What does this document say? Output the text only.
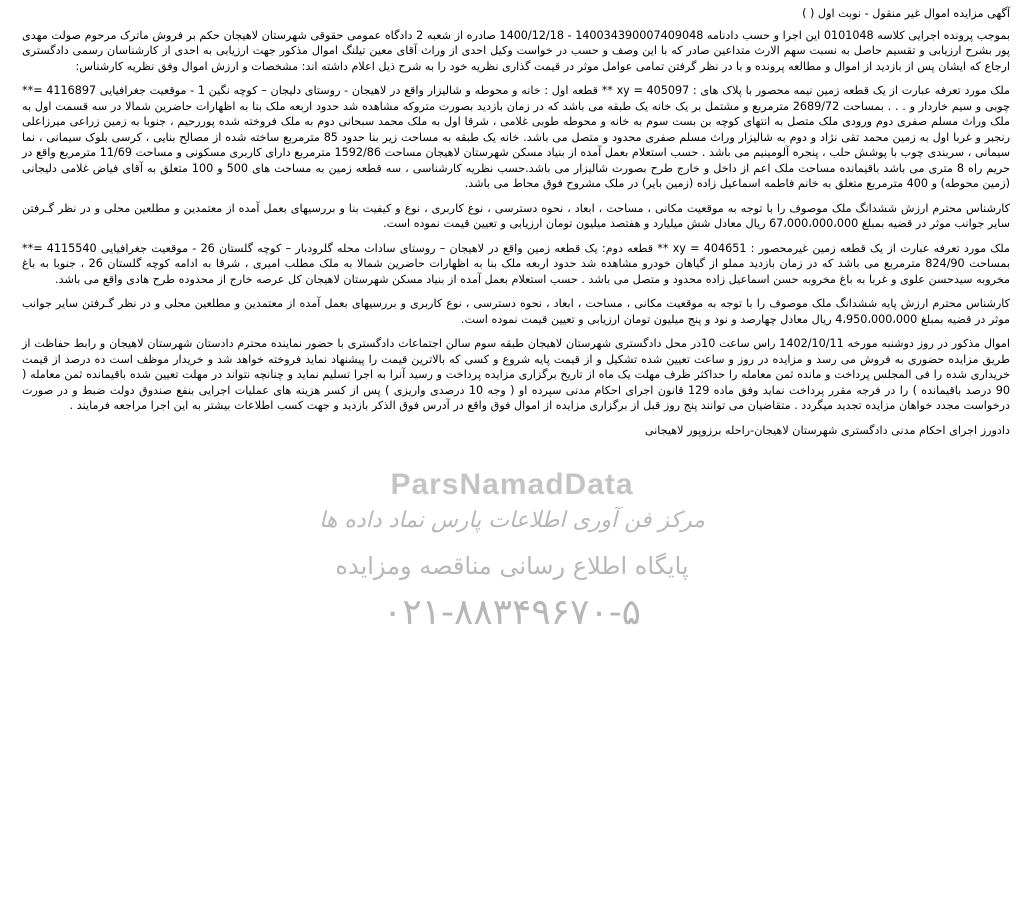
آگهی مزایده اموال غیر منقول - نوبت اول ( )

بموجب پرونده اجرایی کلاسه 0101048 این اجرا و حسب دادنامه 140034390007409048 - 1400/12/18 صادره از شعبه 2 دادگاه عمومی حقوقی شهرستان لاهیجان حکم بر فروش ماترک مرحوم صولت مهدی پور بشرح ارزیابی و تقسیم حاصل به نسبت سهم الارث متداعین صادر که با این وصف و حسب در خواست وکیل احدی از وراث آقای معین تیلنگ اموال مذکور جهت ارزیابی به احدی از کارشناسان رسمی دادگستری ارجاع که ایشان پس از بازدید از اموال و مطالعه پرونده و با در نظر گرفتن تمامی عوامل موثر در قیمت گذاری نظریه خود را به شرح ذیل اعلام داشته اند: مشخصات و ارزش اموال وفق نظریه کارشناس:

ملک مورد تعرفه عبارت از یک قطعه زمین نیمه محصور با پلاک های : xy = 405097 ** قطعه اول : خانه و محوطه و شالیزار واقع در لاهیجان - روستای دلیجان – کوچه نگین 1 - موقعیت جغرافیایی 4116897 =** چوبی و سیم خاردار و . . . بمساحت 2689/72 مترمربع و مشتمل بر یک خانه یک طبقه می باشد که در زمان بازدید بصورت متروکه مشاهده شد حدود اربعه ملک بنا به اظهارات حاضرین شمالا در سه قسمت اول به ملک وراث مسلم صفری دوم ورودی ملک متصل به انتهای کوچه بن بست سوم به خانه و محوطه طوبی غلامی ، شرقا اول به ملک محمد سبحانی دوم به ملک فروخته شده پوررحیم ، جنوبا به زمین زراعی میرزاعلی رنجبر و غربا اول به زمین محمد تقی نژاد و دوم به شالیزار وراث مسلم صفری محدود و متصل می باشد. خانه یک طبقه به مساحت زیر بنا حدود 85 مترمربع ساخته شده از مصالح بنایی ، کرسی بلوک سیمانی ، نما سیمانی ، سربندی چوب با پوشش حلب ، پنجره آلومینیم می باشد . حسب استعلام بعمل آمده از بنیاد مسکن شهرستان لاهیجان مساحت 1592/86 مترمربع دارای کاربری مسکونی و مساحت 11/69 مترمربع واقع در حریم راه 8 متری می باشد باقیمانده مساحت ملک اعم از داخل و خارج طرح بصورت شالیزار می باشد.حسب نظریه کارشناسی ، سه قطعه زمین به مساحت های 500 و 100 متعلق به آقای فیاض غلامی دلیجانی (زمین محوطه) و 400 مترمربع متعلق به خانم فاطمه اسماعیل زاده (زمین بایر) در ملک مشروح فوق محاط می باشد.

کارشناس محترم ارزش ششدانگ ملک موصوف را با توجه به موقعیت مکانی ، مساحت ، ابعاد ، نحوه دسترسی ، نوع کاربری ، نوع و کیفیت بنا و بررسیهای بعمل آمده از معتمدین و مطلعین محلی و در نظر گـرفتن سایر جوانب موثر در قضیه بمبلغ 67،000،000،000 ریال معادل شش میلیارد و هفتصد میلیون تومان ارزیابی و تعیین قیمت نموده است.

ملک مورد تعرفه عبارت از یک قطعه زمین غیرمحصور : xy = 404651 ** قطعه دوم: یک قطعه زمین واقع در لاهیجان – روستای سادات محله گلرودبار – کوچه گلستان 26 - موقعیت جغرافیایی 4115540 =** بمساحت 824/90 مترمربع می باشد که در زمان بازدید مملو از گیاهان خودرو مشاهده شد حدود اربعه ملک بنا به اظهارات حاضرین شمالا به ملک مطلب امیری ، شرقا به ادامه کوچه گلستان 26 ، جنوبا به باغ مخروبه سیدحسن علوی و غربا به باغ مخروبه حسن اسماعیل زاده محدود و متصل می باشد . حسب استعلام بعمل آمده از بنیاد مسکن شهرستان لاهیجان کل عرصه خارج از محدوده طرح هادی واقع می باشد.

کارشناس محترم ارزش پایه ششدانگ ملک موصوف را با توجه به موقعیت مکانی ، مساحت ، ابعاد ، نحوه دسترسی ، نوع کاربری و بررسیهای بعمل آمده از معتمدین و مطلعین محلی و در نظر گـرفتن سایر جوانب موثر در قضیه بمبلغ 4،950،000،000 ریال معادل چهارصد و نود و پنج میلیون تومان ارزیابی و تعیین قیمت نموده است.

اموال مذکور در روز دوشنبه مورخه 1402/10/11 راس ساعت 10در محل دادگستری شهرستان لاهیجان طبقه سوم سالن اجتماعات دادگستری با حضور نماینده محترم دادستان شهرستان لاهیجان و رابط حفاظت از طریق مزایده حضوری به فروش می رسد و مزایده در روز و ساعت تعیین شده تشکیل و از قیمت پایه شروع و کسی که بالاترین قیمت را پیشنهاد نماید فروخته خواهد شد و خریدار موظف است ده درصد از قیمت خریداری شده را فی المجلس پرداخت و مانده ثمن معامله را حداکثر ظرف مهلت یک ماه از تاریخ برگزاری مزایده پرداخت و رسید آنرا به اجرا تسلیم نماید و چنانچه نتواند در مهلت تعیین شده باقیمانده ثمن معامله ( 90 درصد باقیمانده ) را در فرجه مقرر پرداخت نماید وفق ماده 129 قانون اجرای احکام مدنی سپرده او ( وجه 10 درصدی واریزی ) پس از کسر هزینه های عملیات اجرایی بنفع صندوق دولت ضبط و در صورت درخواست مجدد خواهان مزایده تجدید میگردد . متقاضیان می توانند پنج روز قبل از برگزاری مزایده از اموال فوق واقع در آدرس فوق الذکر بازدید و جهت کسب اطلاعات بیشتر به این اجرا مراجعه فرمایند .

دادورز اجرای احکام مدنی دادگستری شهرستان لاهیجان-راحله برزوپور لاهیجانی

ParsNamadData
مرکز فن آوری اطلاعات پارس نماد داده ها
پایگاه اطلاع رسانی مناقصه ومزایده
۰۲۱-۸۸۳۴۹۶۷۰-۵
